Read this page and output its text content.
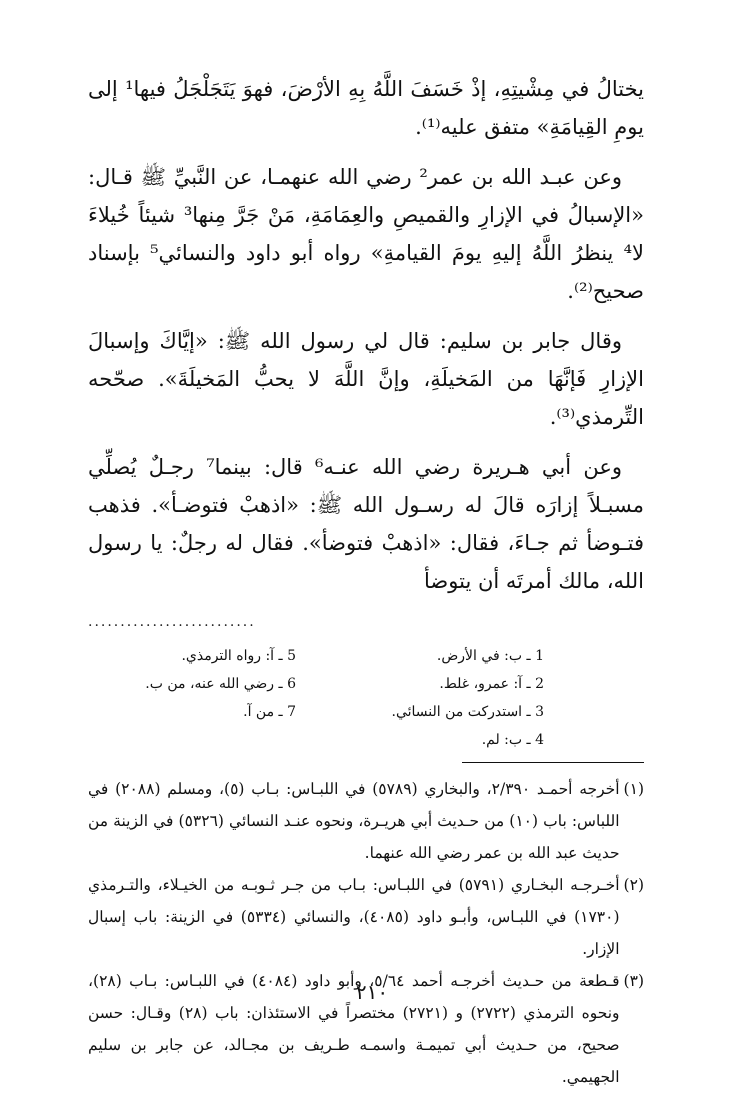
يختالُ في مِشْيتِهِ، إذْ خَسَفَ اللَّهُ بِهِ الأرْضَ، فهوَ يَتَجَلْجَلُ فيها¹ إلى يومِ القِيامَةِ» متفق عليه⁽¹⁾.

وعن عبـد الله بن عمر² رضي الله عنهمـا، عن النَّبيِّ ﷺ قـال: «الإسبالُ في الإزارِ والقميصِ والعِمَامَةِ، مَنْ جَرَّ مِنها³ شيئاً خُيلاءَ لا⁴ ينظرُ اللَّهُ إليهِ يومَ القيامةِ» رواه أبو داود والنسائي⁵ بإسناد صحيح⁽²⁾.

وقال جابر بن سليم: قال لي رسول الله ﷺ: «إيَّاكَ وإسبالَ الإزارِ فَإنَّهَا من المَخيلَةِ، وإنَّ اللَّهَ لا يحبُّ المَخيلَةَ». صحّحه التِّرمذي⁽³⁾.

وعن أبي هـريرة رضي الله عنـه⁶ قال: بينما⁷ رجـلٌ يُصلِّي مسبـلاً إزارَه قالَ له رسـول الله ﷺ: «اذهبْ فتوضـأ». فذهب فتـوضأ ثم جـاءَ، فقال: «اذهبْ فتوضأ». فقال له رجلٌ: يا رسول الله، مالك أمرتَه أن يتوضأ

..........................
1 ـ ب: في الأرض.
5 ـ آ: رواه الترمذي.
2 ـ آ: عمرو، غلط.
6 ـ رضي الله عنه، من ب.
3 ـ استدركت من النسائي.
7 ـ من آ.
4 ـ ب: لم.
(١)
أخرجه أحمـد ٢/٣٩٠، والبخاري (٥٧٨٩) في اللبـاس: بـاب (٥)، ومسلم (٢٠٨٨) في اللباس: باب (١٠) من حـديث أبي هريـرة، ونحوه عنـد النسائي (٥٣٢٦) في الزينة من حديث عبد الله بن عمر رضي الله عنهما.
(٢)
أخـرجـه البخـاري (٥٧٩١) في اللبـاس: بـاب من جـر ثـوبـه من الخيـلاء، والتـرمذي (١٧٣٠) في اللبـاس، وأبـو داود (٤٠٨٥)، والنسائي (٥٣٣٤) في الزينة: باب إسبال الإزار.
(٣)
قـطعة من حـديث أخرجـه أحمد ٥/٦٤، وأبو داود (٤٠٨٤) في اللبـاس: بـاب (٢٨)، ونحوه الترمذي (٢٧٢٢) و (٢٧٢١) مختصراً في الاستئذان: باب (٢٨) وقـال: حسن صحيح، من حـديث أبي تميمـة واسمـه طـريف بن مجـالد، عن جابر بن سليم الجهيمي.
٢١٠
